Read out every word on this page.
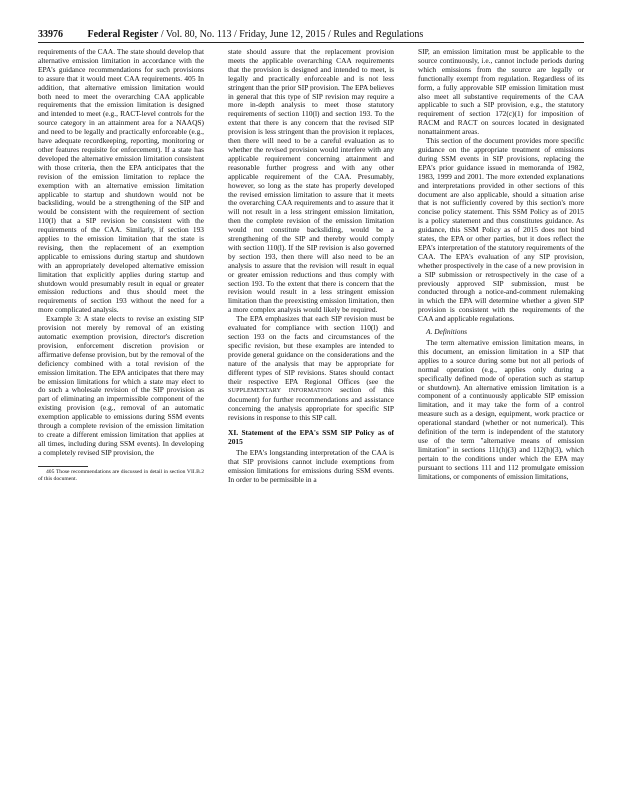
33976 Federal Register / Vol. 80, No. 113 / Friday, June 12, 2015 / Rules and Regulations

requirements of the CAA. The state should develop that alternative emission limitation in accordance with the EPA's guidance recommendations for such provisions to assure that it would meet CAA requirements. 405 In addition, that alternative emission limitation would both need to meet the overarching CAA applicable requirements that the emission limitation is designed and intended to meet (e.g., RACT-level controls for the source category in an attainment area for a NAAQS) and need to be legally and practically enforceable (e.g., have adequate recordkeeping, reporting, monitoring or other features requisite for enforcement). If a state has developed the alternative emission limitation consistent with those criteria, then the EPA anticipates that the revision of the emission limitation to replace the exemption with an alternative emission limitation applicable to startup and shutdown would not be backsliding, would be a strengthening of the SIP and would be consistent with the requirement of section 110(l) that a SIP revision be consistent with the requirements of the CAA. Similarly, if section 193 applies to the emission limitation that the state is revising, then the replacement of an exemption applicable to emissions during startup and shutdown with an appropriately developed alternative emission limitation that explicitly applies during startup and shutdown would presumably result in equal or greater emission reductions and thus should meet the requirements of section 193 without the need for a more complicated analysis.

Example 3: A state elects to revise an existing SIP provision not merely by removal of an existing automatic exemption provision, director's discretion provision, enforcement discretion provision or affirmative defense provision, but by the removal of the deficiency combined with a total revision of the emission limitation. The EPA anticipates that there may be emission limitations for which a state may elect to do such a wholesale revision of the SIP provision as part of eliminating an impermissible component of the existing provision (e.g., removal of an automatic exemption applicable to emissions during SSM events through a complete revision of the emission limitation to create a different emission limitation that applies at all times, including during SSM events). In developing a completely revised SIP provision, the

405 Those recommendations are discussed in detail in section VII.B.2 of this document.

state should assure that the replacement provision meets the applicable overarching CAA requirements that the provision is designed and intended to meet, is legally and practically enforceable and is not less stringent than the prior SIP provision. The EPA believes in general that this type of SIP revision may require a more in-depth analysis to meet those statutory requirements of section 110(l) and section 193. To the extent that there is any concern that the revised SIP provision is less stringent than the provision it replaces, then there will need to be a careful evaluation as to whether the revised provision would interfere with any applicable requirement concerning attainment and reasonable further progress and with any other applicable requirement of the CAA. Presumably, however, so long as the state has properly developed the revised emission limitation to assure that it meets the overarching CAA requirements and to assure that it will not result in a less stringent emission limitation, then the complete revision of the emission limitation would not constitute backsliding, would be a strengthening of the SIP and thereby would comply with section 110(l). If the SIP revision is also governed by section 193, then there will also need to be an analysis to assure that the revision will result in equal or greater emission reductions and thus comply with section 193. To the extent that there is concern that the revision would result in a less stringent emission limitation than the preexisting emission limitation, then a more complex analysis would likely be required.

The EPA emphasizes that each SIP revision must be evaluated for compliance with section 110(l) and section 193 on the facts and circumstances of the specific revision, but these examples are intended to provide general guidance on the considerations and the nature of the analysis that may be appropriate for different types of SIP revisions. States should contact their respective EPA Regional Offices (see the SUPPLEMENTARY INFORMATION section of this document) for further recommendations and assistance concerning the analysis appropriate for specific SIP revisions in response to this SIP call.

XI. Statement of the EPA's SSM SIP Policy as of 2015

The EPA's longstanding interpretation of the CAA is that SIP provisions cannot include exemptions from emission limitations for emissions during SSM events. In order to be permissible in a

SIP, an emission limitation must be applicable to the source continuously, i.e., cannot include periods during which emissions from the source are legally or functionally exempt from regulation. Regardless of its form, a fully approvable SIP emission limitation must also meet all substantive requirements of the CAA applicable to such a SIP provision, e.g., the statutory requirement of section 172(c)(1) for imposition of RACM and RACT on sources located in designated nonattainment areas.

This section of the document provides more specific guidance on the appropriate treatment of emissions during SSM events in SIP provisions, replacing the EPA's prior guidance issued in memoranda of 1982, 1983, 1999 and 2001. The more extended explanations and interpretations provided in other sections of this document are also applicable, should a situation arise that is not sufficiently covered by this section's more concise policy statement. This SSM Policy as of 2015 is a policy statement and thus constitutes guidance. As guidance, this SSM Policy as of 2015 does not bind states, the EPA or other parties, but it does reflect the EPA's interpretation of the statutory requirements of the CAA. The EPA's evaluation of any SIP provision, whether prospectively in the case of a new provision in a SIP submission or retrospectively in the case of a previously approved SIP submission, must be conducted through a notice-and-comment rulemaking in which the EPA will determine whether a given SIP provision is consistent with the requirements of the CAA and applicable regulations.

A. Definitions

The term alternative emission limitation means, in this document, an emission limitation in a SIP that applies to a source during some but not all periods of normal operation (e.g., applies only during a specifically defined mode of operation such as startup or shutdown). An alternative emission limitation is a component of a continuously applicable SIP emission limitation, and it may take the form of a control measure such as a design, equipment, work practice or operational standard (whether or not numerical). This definition of the term is independent of the statutory use of the term "alternative means of emission limitation" in sections 111(h)(3) and 112(h)(3), which pertain to the conditions under which the EPA may pursuant to sections 111 and 112 promulgate emission limitations, or components of emission limitations,
